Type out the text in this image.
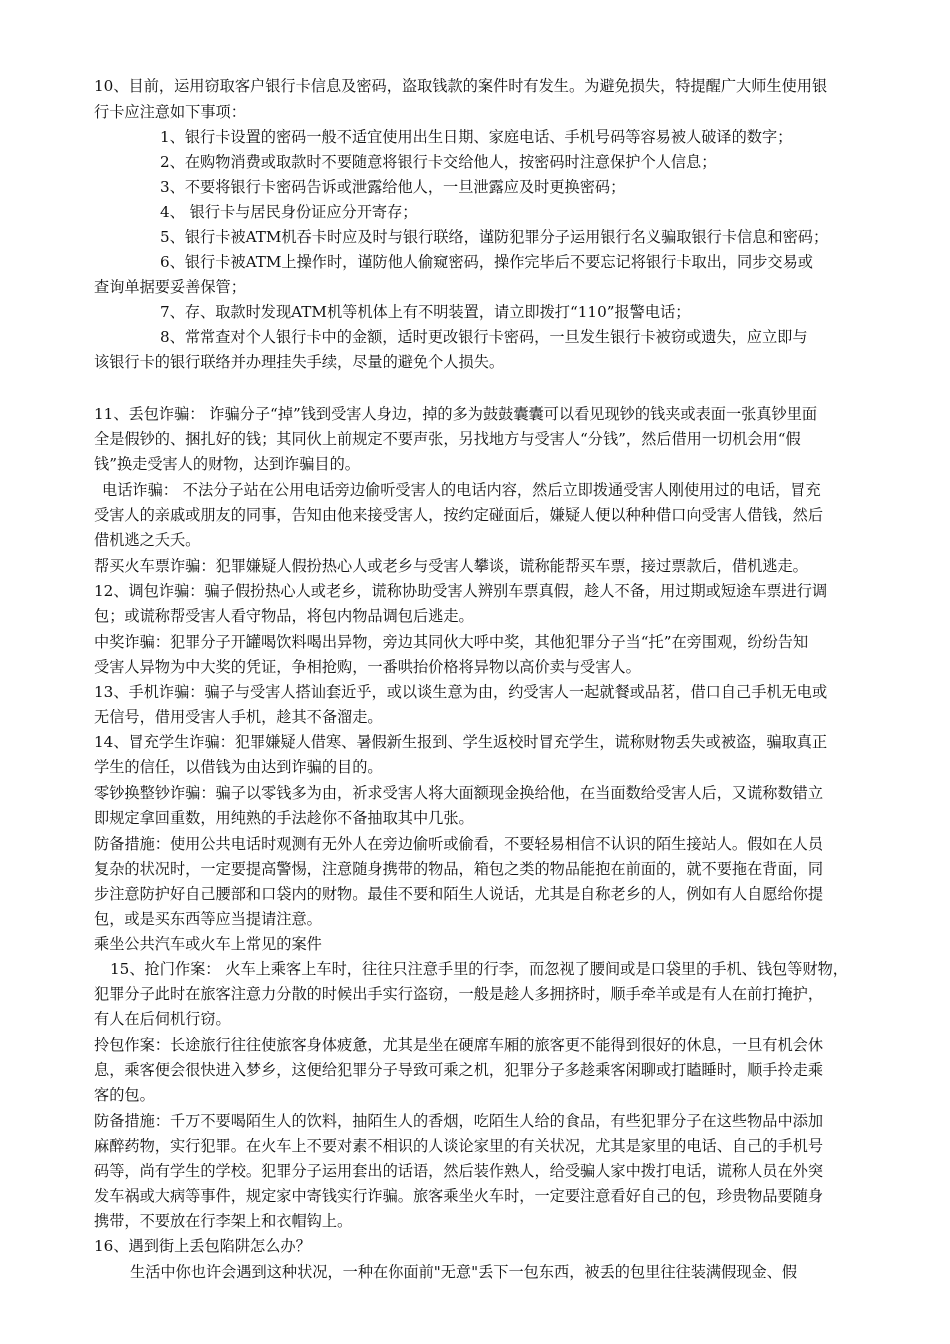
10、目前，运用窃取客户银行卡信息及密码，盗取钱款的案件时有发生。为避免损失，特提醒广大师生使用银
行卡应注意如下事项：
1、银行卡设置的密码一般不适宜使用出生日期、家庭电话、手机号码等容易被人破译的数字；
2、在购物消费或取款时不要随意将银行卡交给他人，按密码时注意保护个人信息；
3、不要将银行卡密码告诉或泄露给他人，一旦泄露应及时更换密码；
4、 银行卡与居民身份证应分开寄存；
5、银行卡被ATM机吞卡时应及时与银行联络，谨防犯罪分子运用银行名义骗取银行卡信息和密码；
6、银行卡被ATM上操作时，谨防他人偷窥密码，操作完毕后不要忘记将银行卡取出，同步交易或
查询单据要妥善保管；
7、存、取款时发现ATM机等机体上有不明装置，请立即拨打“110”报警电话；
8、常常查对个人银行卡中的金额，适时更改银行卡密码，一旦发生银行卡被窃或遗失，应立即与
该银行卡的银行联络并办理挂失手续，尽量的避免个人损失。
11、丢包诈骗： 诈骗分子“掉”钱到受害人身边，掉的多为鼓鼓囊囊可以看见现钞的钱夹或表面一张真钞里面
全是假钞的、捆扎好的钱；其同伙上前规定不要声张，另找地方与受害人“分钱”，然后借用一切机会用“假
钱”换走受害人的财物，达到诈骗目的。
电话诈骗： 不法分子站在公用电话旁边偷听受害人的电话内容，然后立即拨通受害人刚使用过的电话，冒充
受害人的亲戚或朋友的同事，告知由他来接受害人，按约定碰面后，嫌疑人便以种种借口向受害人借钱，然后
借机逃之夭夭。
帮买火车票诈骗：犯罪嫌疑人假扮热心人或老乡与受害人攀谈，谎称能帮买车票，接过票款后，借机逃走。
12、调包诈骗：骗子假扮热心人或老乡，谎称协助受害人辨别车票真假，趁人不备，用过期或短途车票进行调
包；或谎称帮受害人看守物品，将包内物品调包后逃走。
中奖诈骗：犯罪分子开罐喝饮料喝出异物，旁边其同伙大呼中奖，其他犯罪分子当“托”在旁围观，纷纷告知
受害人异物为中大奖的凭证，争相抢购，一番哄抬价格将异物以高价卖与受害人。
13、手机诈骗：骗子与受害人搭讪套近乎，或以谈生意为由，约受害人一起就餐或品茗，借口自己手机无电或
无信号，借用受害人手机，趁其不备溜走。
14、冒充学生诈骗：犯罪嫌疑人借寒、暑假新生报到、学生返校时冒充学生，谎称财物丢失或被盗，骗取真正
学生的信任，以借钱为由达到诈骗的目的。
零钞换整钞诈骗：骗子以零钱多为由，祈求受害人将大面额现金换给他，在当面数给受害人后，又谎称数错立
即规定拿回重数，用纯熟的手法趁你不备抽取其中几张。
防备措施：使用公共电话时观测有无外人在旁边偷听或偷看，不要轻易相信不认识的陌生接站人。假如在人员
复杂的状况时，一定要提高警惕，注意随身携带的物品，箱包之类的物品能抱在前面的，就不要拖在背面，同
步注意防护好自己腰部和口袋内的财物。最佳不要和陌生人说话，尤其是自称老乡的人，例如有人自愿给你提
包，或是买东西等应当提请注意。
乘坐公共汽车或火车上常见的案件
15、抢门作案： 火车上乘客上车时，往往只注意手里的行李，而忽视了腰间或是口袋里的手机、钱包等财物，
犯罪分子此时在旅客注意力分散的时候出手实行盗窃，一般是趁人多拥挤时，顺手牵羊或是有人在前打掩护，
有人在后伺机行窃。
拎包作案：长途旅行往往使旅客身体疲惫，尤其是坐在硬席车厢的旅客更不能得到很好的休息，一旦有机会休
息，乘客便会很快进入梦乡，这便给犯罪分子导致可乘之机，犯罪分子多趁乘客闲聊或打瞌睡时，顺手拎走乘
客的包。
防备措施：千万不要喝陌生人的饮料，抽陌生人的香烟，吃陌生人给的食品，有些犯罪分子在这些物品中添加
麻醉药物，实行犯罪。在火车上不要对素不相识的人谈论家里的有关状况，尤其是家里的电话、自己的手机号
码等，尚有学生的学校。犯罪分子运用套出的话语，然后装作熟人，给受骗人家中拨打电话，谎称人员在外突
发车祸或大病等事件，规定家中寄钱实行诈骗。旅客乘坐火车时，一定要注意看好自己的包，珍贵物品要随身
携带，不要放在行李架上和衣帽钩上。
16、遇到街上丢包陷阱怎么办？
生活中你也许会遇到这种状况，一种在你面前"无意"丢下一包东西，被丢的包里往往装满假现金、假
